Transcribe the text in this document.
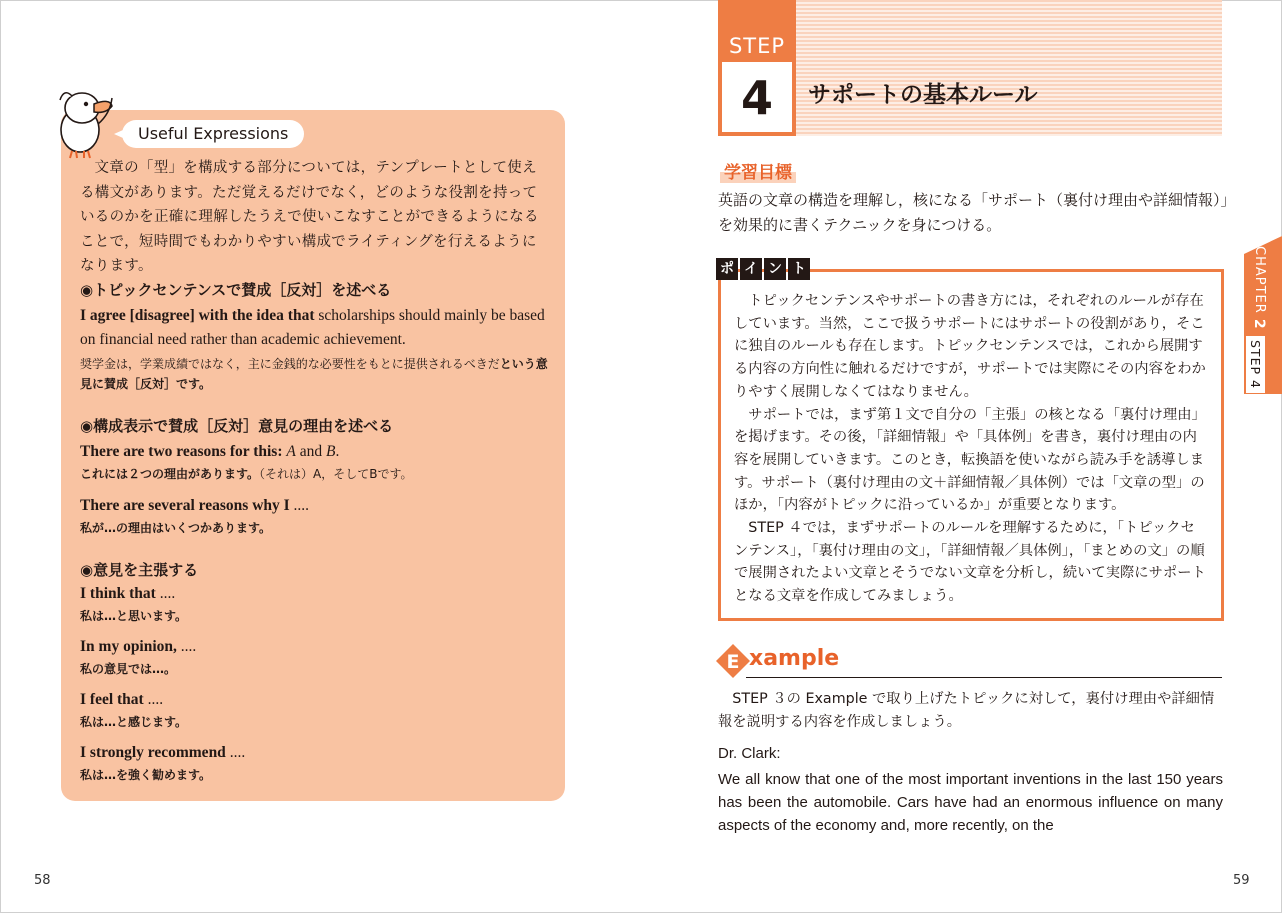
Useful Expressions

文章の「型」を構成する部分については，テンプレートとして使える構文があります。ただ覚えるだけでなく，どのような役割を持っているのかを正確に理解したうえで使いこなすことができるようになることで，短時間でもわかりやすい構成でライティングを行えるようになります。

◉トピックセンテンスで賛成［反対］を述べる

I agree [disagree] with the idea that scholarships should mainly be based on financial need rather than academic achievement.

奨学金は，学業成績ではなく，主に金銭的な必要性をもとに提供されるべきだという意見に賛成［反対］です。

◉構成表示で賛成［反対］意見の理由を述べる

There are two reasons for this: A and B.

これには２つの理由があります。（それは）A，そしてBです。

There are several reasons why I ....

私が…の理由はいくつかあります。

◉意見を主張する

I think that ....

私は…と思います。

In my opinion, ....

私の意見では…。

I feel that ....

私は…と感じます。

I strongly recommend ....

私は…を強く勧めます。

58
STEP
4	サポートの基本ルール
学習目標

英語の文章の構造を理解し，核になる「サポート（裏付け理由や詳細情報）」を効果的に書くテクニックを身につける。

ポ イ ン ト

トピックセンテンスやサポートの書き方には，それぞれのルールが存在しています。当然，ここで扱うサポートにはサポートの役割があり，そこに独自のルールも存在します。トピックセンテンスでは，これから展開する内容の方向性に触れるだけですが，サポートでは実際にその内容をわかりやすく展開しなくてはなりません。

サポートでは，まず第１文で自分の「主張」の核となる「裏付け理由」を掲げます。その後，「詳細情報」や「具体例」を書き，裏付け理由の内容を展開していきます。このとき，転換語を使いながら読み手を誘導します。サポート（裏付け理由の文＋詳細情報／具体例）では「文章の型」のほか，「内容がトピックに沿っているか」が重要となります。

STEP ４では，まずサポートのルールを理解するために，「トピックセンテンス」，「裏付け理由の文」，「詳細情報／具体例」，「まとめの文」の順で展開されたよい文章とそうでない文章を分析し，続いて実際にサポートとなる文章を作成してみましょう。

E xample

STEP ３の Example で取り上げたトピックに対して，裏付け理由や詳細情報を説明する内容を作成しましょう。

Dr. Clark:

We all know that one of the most important inventions in the last 150 years has been the automobile. Cars have had an enormous influence on many aspects of the economy and, more recently, on the

CHAPTER 2
STEP 4
59
